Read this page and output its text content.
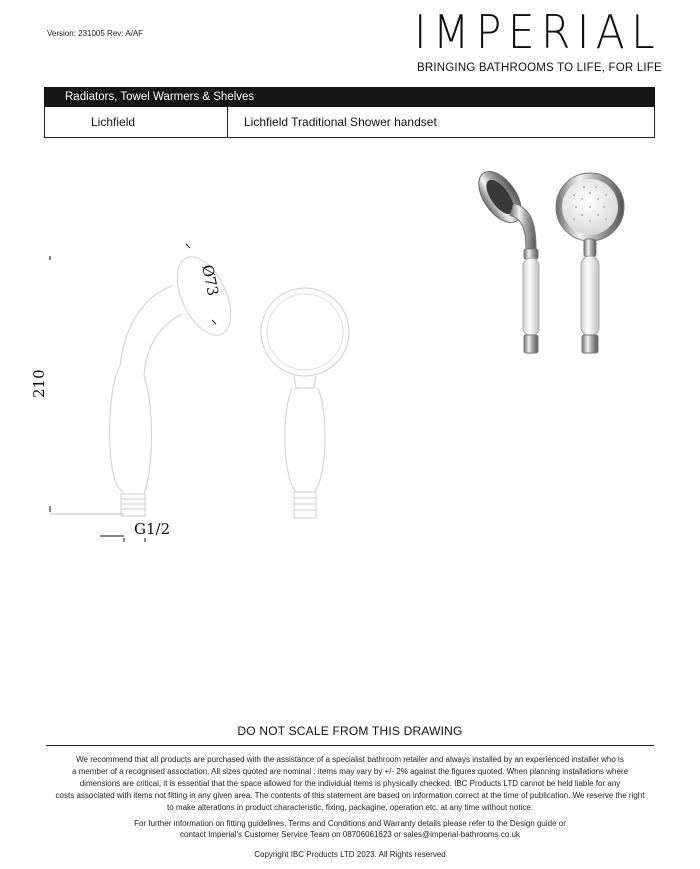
Version: 231005 Rev: A/AF	IMPERIAL
BRINGING BATHROOMS TO LIFE, FOR LIFE
Radiators, Towel Warmers & Shelves
Lichfield	Lichfield Traditional Shower handset
210
Ø73
G1/2
DO NOT SCALE FROM THIS DRAWING
We recommend that all products are purchased with the assistance of a specialist bathroom retailer and always installed by an experienced installer who is
a member of a recognised association. All sizes quoted are nominal : items may vary by +/- 2% against the figures quoted. When planning installations where
dimensions are critical, it is essential that the space allowed for the individual items is physically checked. IBC Products LTD cannot be held liable for any
costs associated with items not fitting in any given area. The contents of this statement are based on information correct at the time of publication. We reserve the right
to make alterations in product characteristic, fixing, packagine, operation etc. at any time without notice.
For further information on fitting guidelines, Terms and Conditions and Warranty details please refer to the Design guide or
contact Imperial's Customer Service Team on 08706061623 or sales@imperial-bathrooms.co.uk
Copyright IBC Products LTD 2023. All Rights reserved
